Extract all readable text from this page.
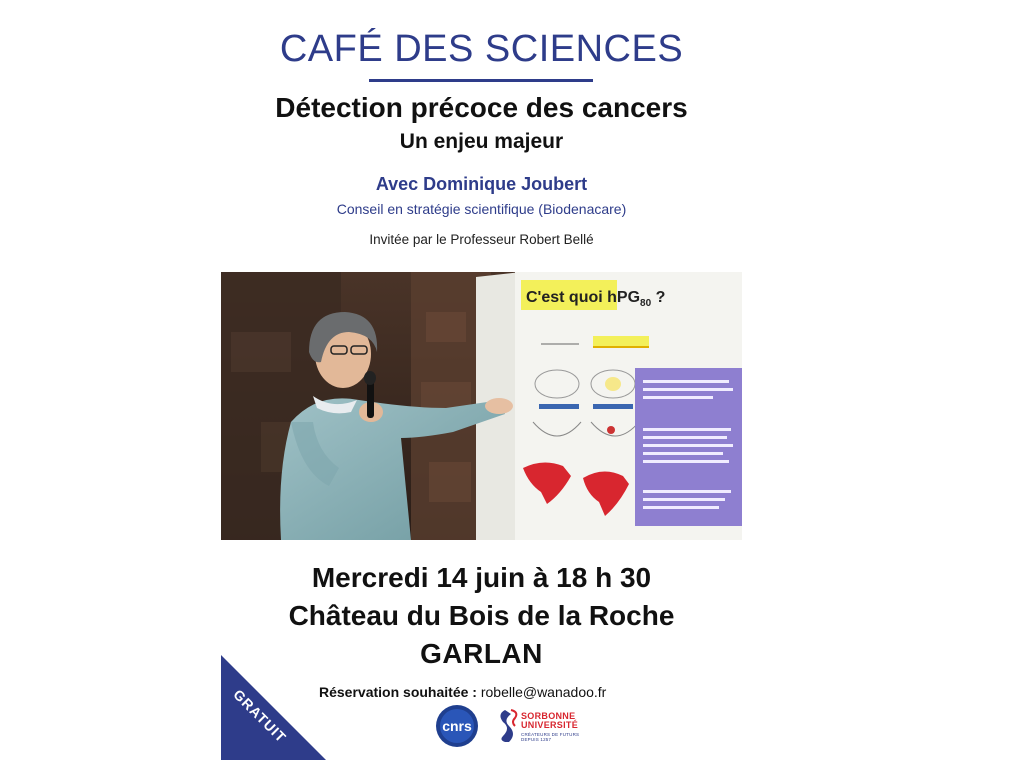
CAFÉ DES SCIENCES
Détection précoce des cancers
Un enjeu majeur
Avec Dominique Joubert
Conseil en stratégie scientifique (Biodenacare)
Invitée par le Professeur Robert Bellé
C'est quoi hPG$_{80}$ ?
Mercredi 14 juin à 18 h 30
Château du Bois de la Roche
GARLAN
Réservation souhaitée : robelle@wanadoo.fr
GRATUIT	cnrs
SORBONNE
UNIVERSITÉ
CRÉATEURS DE FUTURS
DEPUIS 1257
